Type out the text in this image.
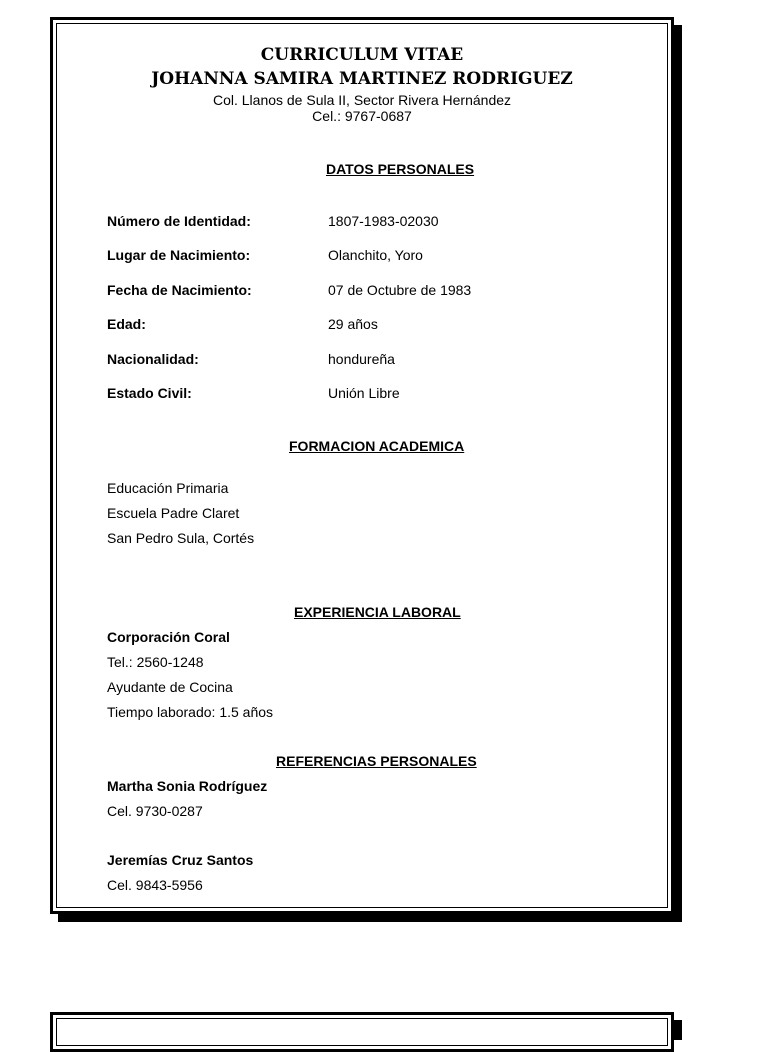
CURRICULUM VITAE
JOHANNA SAMIRA MARTINEZ RODRIGUEZ
Col. Llanos de Sula II, Sector Rivera Hernández
Cel.: 9767-0687
DATOS PERSONALES
Número de Identidad:	1807-1983-02030
Lugar de Nacimiento:	Olanchito, Yoro
Fecha de Nacimiento:	07 de Octubre de 1983
Edad:	29 años
Nacionalidad:	hondureña
Estado Civil:	Unión Libre
FORMACION ACADEMICA
Educación Primaria
Escuela Padre Claret
San Pedro Sula, Cortés
EXPERIENCIA LABORAL
Corporación Coral
Tel.: 2560-1248
Ayudante de Cocina
Tiempo laborado: 1.5 años
REFERENCIAS PERSONALES
Martha Sonia Rodríguez
Cel. 9730-0287
Jeremías Cruz Santos
Cel. 9843-5956
